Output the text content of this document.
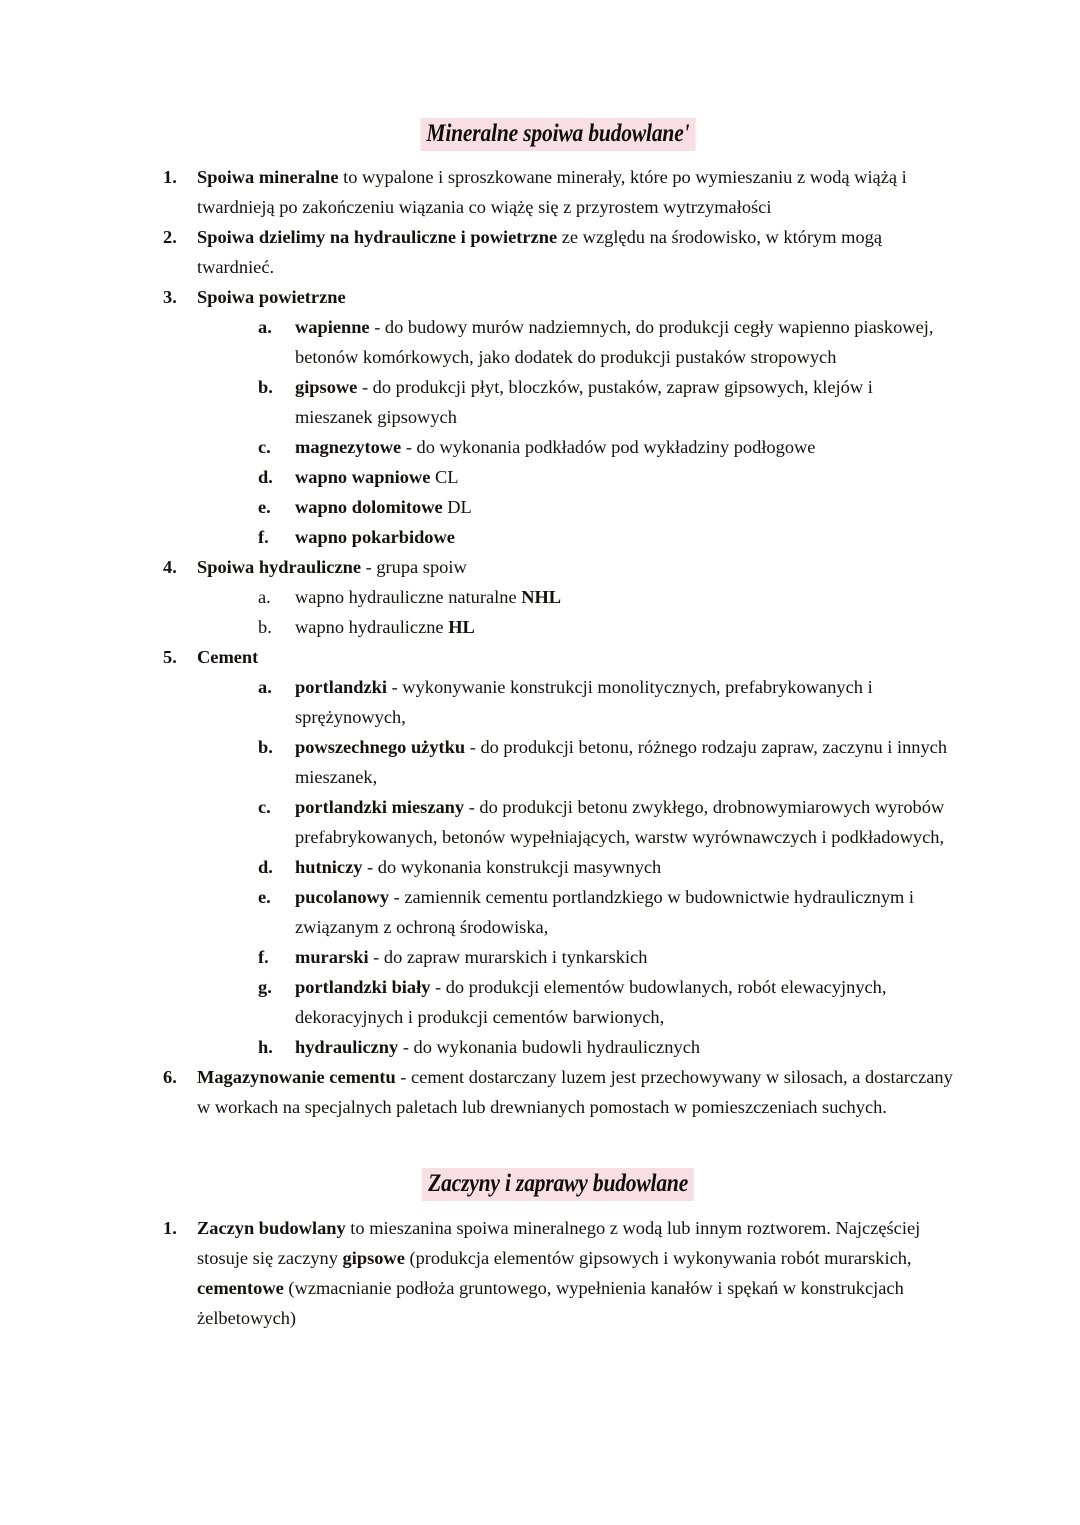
Mineralne spoiwa budowlane'
1. Spoiwa mineralne to wypalone i sproszkowane minerały, które po wymieszaniu z wodą wiążą i twardnieją po zakończeniu wiązania co wiążę się z przyrostem wytrzymałości
2. Spoiwa dzielimy na hydrauliczne i powietrzne ze względu na środowisko, w którym mogą twardnieć.
3. Spoiwa powietrzne
a. wapienne - do budowy murów nadziemnych, do produkcji cegły wapienno piaskowej, betonów komórkowych, jako dodatek do produkcji pustaków stropowych
b. gipsowe - do produkcji płyt, bloczków, pustaków, zapraw gipsowych, klejów i mieszanek gipsowych
c. magnezytowe - do wykonania podkładów pod wykładziny podłogowe
d. wapno wapniowe CL
e. wapno dolomitowe DL
f. wapno pokarbidowe
4. Spoiwa hydrauliczne - grupa spoiw
a. wapno hydrauliczne naturalne NHL
b. wapno hydrauliczne HL
5. Cement
a. portlandzki - wykonywanie konstrukcji monolitycznych, prefabrykowanych i sprężynowych,
b. powszechnego użytku - do produkcji betonu, różnego rodzaju zapraw, zaczynu i innych mieszanek,
c. portlandzki mieszany - do produkcji betonu zwykłego, drobnowymiarowych wyrobów prefabrykowanych, betonów wypełniających, warstw wyrównawczych i podkładowych,
d. hutniczy - do wykonania konstrukcji masywnych
e. pucolanowy - zamiennik cementu portlandzkiego w budownictwie hydraulicznym i związanym z ochroną środowiska,
f. murarski - do zapraw murarskich i tynkarskich
g. portlandzki biały - do produkcji elementów budowlanych, robót elewacyjnych, dekoracyjnych i produkcji cementów barwionych,
h. hydrauliczny - do wykonania budowli hydraulicznych
6. Magazynowanie cementu - cement dostarczany luzem jest przechowywany w silosach, a dostarczany w workach na specjalnych paletach lub drewnianych pomostach w pomieszczeniach suchych.
Zaczyny i zaprawy budowlane
1. Zaczyn budowlany to mieszanina spoiwa mineralnego z wodą lub innym roztworem. Najczęściej stosuje się zaczyny gipsowe (produkcja elementów gipsowych i wykonywania robót murarskich, cementowe (wzmacnianie podłoża gruntowego, wypełnienia kanałów i spękań w konstrukcjach żelbetowych)
